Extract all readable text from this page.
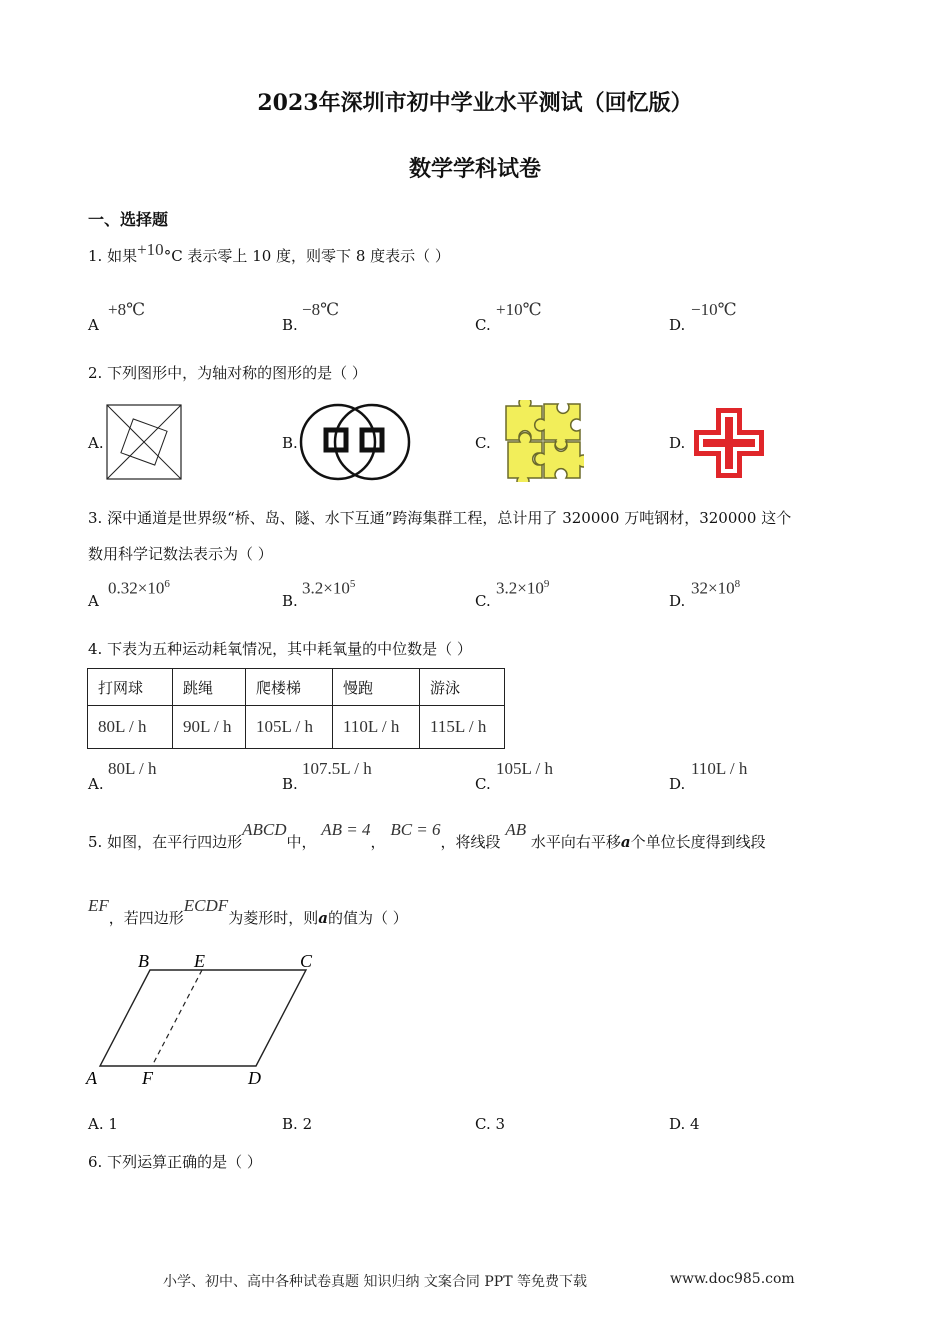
2023年深圳市初中学业水平测试（回忆版）
数学学科试卷
一、选择题
1. 如果+10°C 表示零上 10 度，则零下 8 度表示（ ）
A
+8℃
B.
−8℃
C.
+10℃
D.
−10℃
2. 下列图形中，为轴对称的图形的是（ ）
A.	B.	C.	D.
3. 深中通道是世界级“桥、岛、隧、水下互通”跨海集群工程，总计用了 320000 万吨钢材，320000 这个
数用科学记数法表示为（ ）
A
$0.32\times 10^6$
B.
$3.2\times 10^5$
C.
$3.2\times 10^9$
D.
$32\times 10^8$
4. 下表为五种运动耗氧情况，其中耗氧量的中位数是（ ）
打网球	跳绳	爬楼梯	慢跑	游泳
80L / h	90L / h	105L / h	110L / h	115L / h
A.
80L / h
B.
107.5L / h
C.
105L / h
D.
110L / h
5. 如图，在平行四边形ABCD中， AB = 4， BC = 6，将线段 AB 水平向右平移a个单位长度得到线段
EF，若四边形ECDF为菱形时，则a的值为（ ）
B	E	C
A	F	D
A. 1	B. 2	C. 3	D. 4
6. 下列运算正确的是（ ）
小学、初中、高中各种试卷真题 知识归纳 文案合同 PPT 等免费下载	www.doc985.com
